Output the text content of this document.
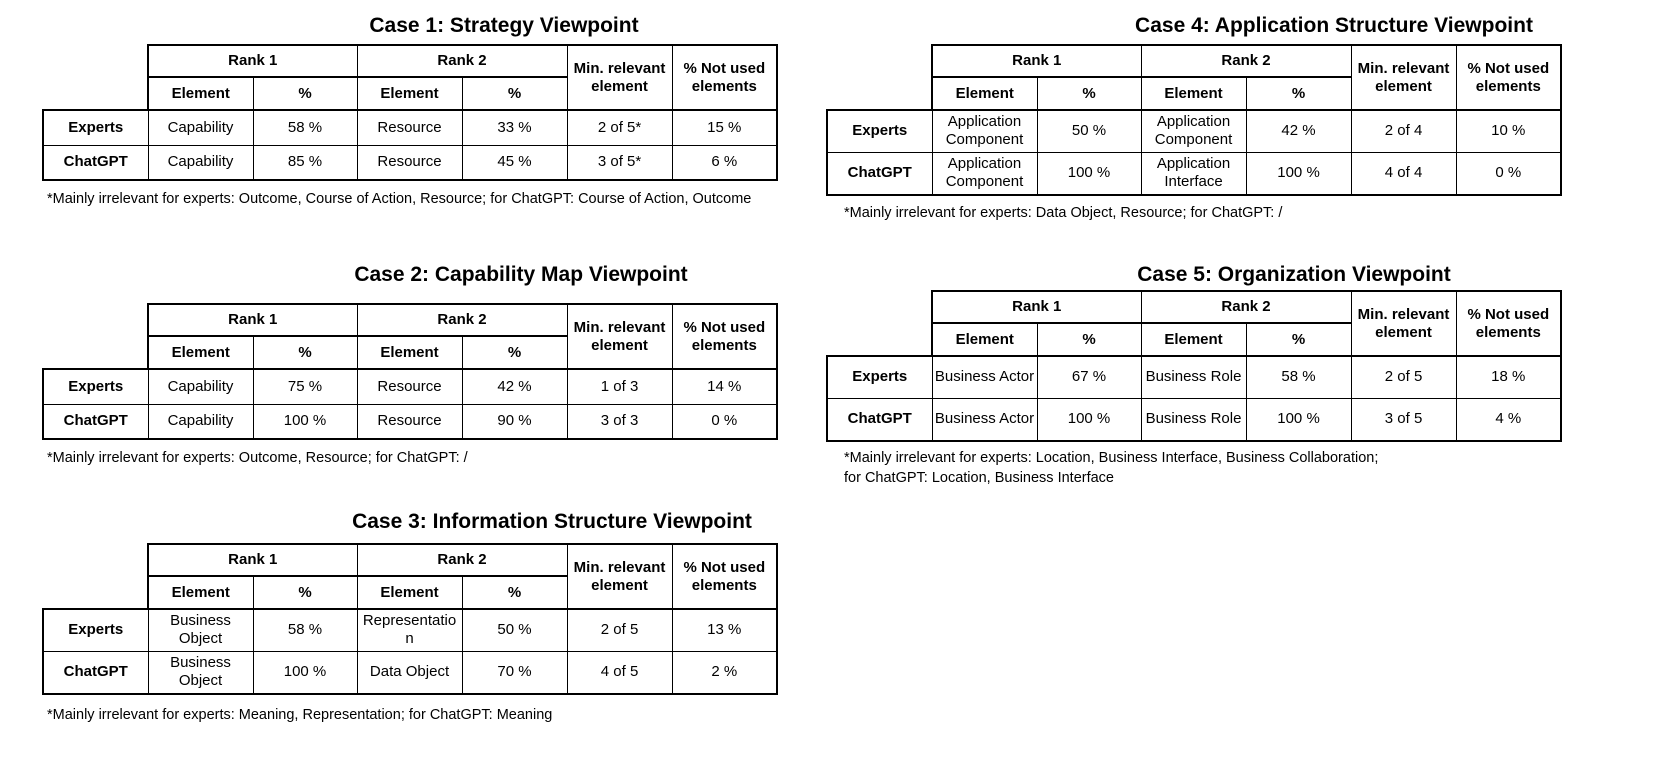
Case 1: Strategy Viewpoint
	Rank 1		Rank 2		Min. relevant element	% Not used elements
	Element	%	Element	%		
Experts	Capability	58 %	Resource	33 %	2 of 5*	15 %
ChatGPT	Capability	85 %	Resource	45 %	3 of 5*	6 %
*Mainly irrelevant for experts: Outcome, Course of Action, Resource; for ChatGPT: Course of Action, Outcome
Case 2: Capability Map Viewpoint
	Rank 1		Rank 2		Min. relevant element	% Not used elements
	Element	%	Element	%		
Experts	Capability	75 %	Resource	42 %	1 of 3	14 %
ChatGPT	Capability	100 %	Resource	90 %	3 of 3	0 %
*Mainly irrelevant for experts: Outcome, Resource; for ChatGPT: /
Case 3: Information Structure Viewpoint
	Rank 1		Rank 2		Min. relevant element	% Not used elements
	Element	%	Element	%		
Experts	Business Object	58 %	Representatio n	50 %	2 of 5	13 %
ChatGPT	Business Object	100 %	Data Object	70 %	4 of 5	2 %
*Mainly irrelevant for experts: Meaning, Representation; for ChatGPT: Meaning
Case 4: Application Structure Viewpoint
	Rank 1		Rank 2		Min. relevant element	% Not used elements
	Element	%	Element	%		
Experts	Application Component	50 %	Application Component	42 %	2 of 4	10 %
ChatGPT	Application Component	100 %	Application Interface	100 %	4 of 4	0 %
*Mainly irrelevant for experts: Data Object, Resource; for ChatGPT: /
Case 5: Organization Viewpoint
	Rank 1		Rank 2		Min. relevant element	% Not used elements
	Element	%	Element	%		
Experts	Business Actor	67 %	Business Role	58 %	2 of 5	18 %
ChatGPT	Business Actor	100 %	Business Role	100 %	3 of 5	4 %
*Mainly irrelevant for experts: Location, Business Interface, Business Collaboration;
for ChatGPT: Location, Business Interface
